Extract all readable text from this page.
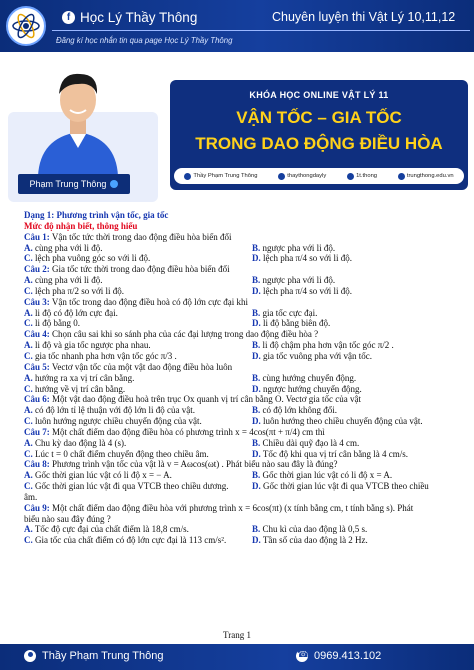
f Học Lý Thầy Thông	Chuyên luyện thi Vật Lý 10,11,12
Đăng kí học nhắn tin qua page Học Lý Thầy Thông
Phạm Trung Thông
KHÓA HỌC ONLINE VẬT LÝ 11
VẬN TỐC – GIA TỐC
TRONG DAO ĐỘNG ĐIỀU HÒA
Thầy Phạm Trung Thông	thaythongdayly	1t.thong	trungthong.edu.vn
Dạng 1: Phương trình vận tốc, gia tốc
Mức độ nhận biết, thông hiểu
Câu 1: Vận tốc tức thời trong dao động điều hòa biến đổi
A. cùng pha với li độ.	B. ngược pha với li độ.
C. lệch pha vuông góc so với li độ.	D. lệch pha π/4 so với li độ.
Câu 2: Gia tốc tức thời trong dao động điều hòa biến đổi
A. cùng pha với li độ.	B. ngược pha với li độ.
C. lệch pha π/2 so với li độ.	D. lệch pha π/4 so với li độ.
Câu 3: Vận tốc trong dao động điều hoà có độ lớn cực đại khi
A. li độ có độ lớn cực đại.	B. gia tốc cực đại.
C. li độ bằng 0.	D. li độ bằng biên độ.
Câu 4: Chọn câu sai khi so sánh pha của các đại lượng trong dao động điều hòa ?
A. li độ và gia tốc ngược pha nhau.	B. li độ chậm pha hơn vận tốc góc π/2 .
C. gia tốc nhanh pha hơn vận tốc góc π/3 .	D. gia tốc vuông pha với vận tốc.
Câu 5: Vectơ vận tốc của một vật dao động điều hòa luôn
A. hướng ra xa vị trí cân bằng.	B. cùng hướng chuyển động.
C. hướng về vị trí cân bằng.	D. ngược hướng chuyển động.
Câu 6: Một vật dao động điều hoà trên trục Ox quanh vị trí cân bằng O. Vectơ gia tốc của vật
A. có độ lớn tỉ lệ thuận với độ lớn li độ của vật.	B. có độ lớn không đổi.
C. luôn hướng ngược chiều chuyển động của vật.	D. luôn hướng theo chiều chuyển động của vật.
Câu 7: Một chất điểm dao động điều hòa có phương trình x = 4cos(πt + π/4) cm thì
A. Chu kỳ dao động là 4 (s).	B. Chiều dài quỹ đạo là 4 cm.
C. Lúc t = 0 chất điểm chuyển động theo chiều âm.	D. Tốc độ khi qua vị trí cân bằng là 4 cm/s.
Câu 8: Phương trình vận tốc của vật là v = Aωcos(ωt) . Phát biểu nào sau đây là đúng?
A. Gốc thời gian lúc vật có li độ x = − A.	B. Gốc thời gian lúc vật có li độ x = A.
C. Gốc thời gian lúc vật đi qua VTCB theo chiều dương.	D. Gốc thời gian lúc vật đi qua VTCB theo chiều
âm.
Câu 9: Một chất điểm dao động điều hòa với phương trình x = 6cos(πt) (x tính bằng cm, t tính bằng s). Phát
biểu nào sau đây đúng ?
A. Tốc độ cực đại của chất điểm là 18,8 cm/s.	B. Chu kì của dao động là 0,5 s.
C. Gia tốc của chất điểm có độ lớn cực đại là 113 cm/s².	D. Tần số của dao động là 2 Hz.
Trang 1
Thầy Phạm Trung Thông
☎	0969.413.102
